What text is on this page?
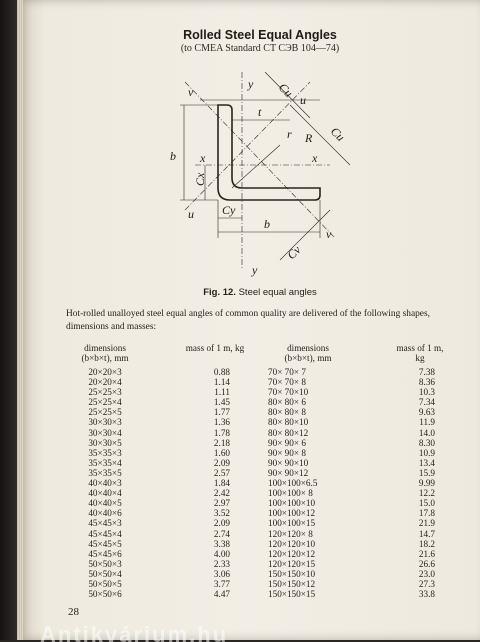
Rolled Steel Equal Angles
(to CMEA Standard CT СЭВ 104—74)
v
y Cu u
t
r R
b x	x
Cx
u
Cu
Cy
b
Cv
v
y
Fig. 12. Steel equal angles
Hot-rolled unalloyed steel equal angles of common quality are delivered of the following shapes, dimensions and masses:
dimensions
(b×b×t), mm
mass of 1 m, kg	dimensions
(b×b×t), mm
mass of 1 m,
kg
20×20×3
20×20×4
25×25×3
25×25×4
25×25×5
30×30×3
30×30×4
30×30×5
35×35×3
35×35×4
35×35×5
40×40×3
40×40×4
40×40×5
40×40×6
45×45×3
45×45×4
45×45×5
45×45×6
50×50×3
50×50×4
50×50×5
50×50×6
0.88
1.14
1.11
1.45
1.77
1.36
1.78
2.18
1.60
2.09
2.57
1.84
2.42
2.97
3.52
2.09
2.74
3.38
4.00
2.33
3.06
3.77
4.47
70× 70× 7
70× 70× 8
70× 70×10
80× 80× 6
80× 80× 8
80× 80×10
80× 80×12
90× 90× 6
90× 90× 8
90× 90×10
90× 90×12
100×100×6.5
100×100× 8
100×100×10
100×100×12
100×100×15
120×120× 8
120×120×10
120×120×12
120×120×15
150×150×10
150×150×12
150×150×15
7.38
8.36
10.3
7.34
9.63
11.9
14.0
8.30
10.9
13.4
15.9
9.99
12.2
15.0
17.8
21.9
14.7
18.2
21.6
26.6
23.0
27.3
33.8
28
Antikvárium.hu
